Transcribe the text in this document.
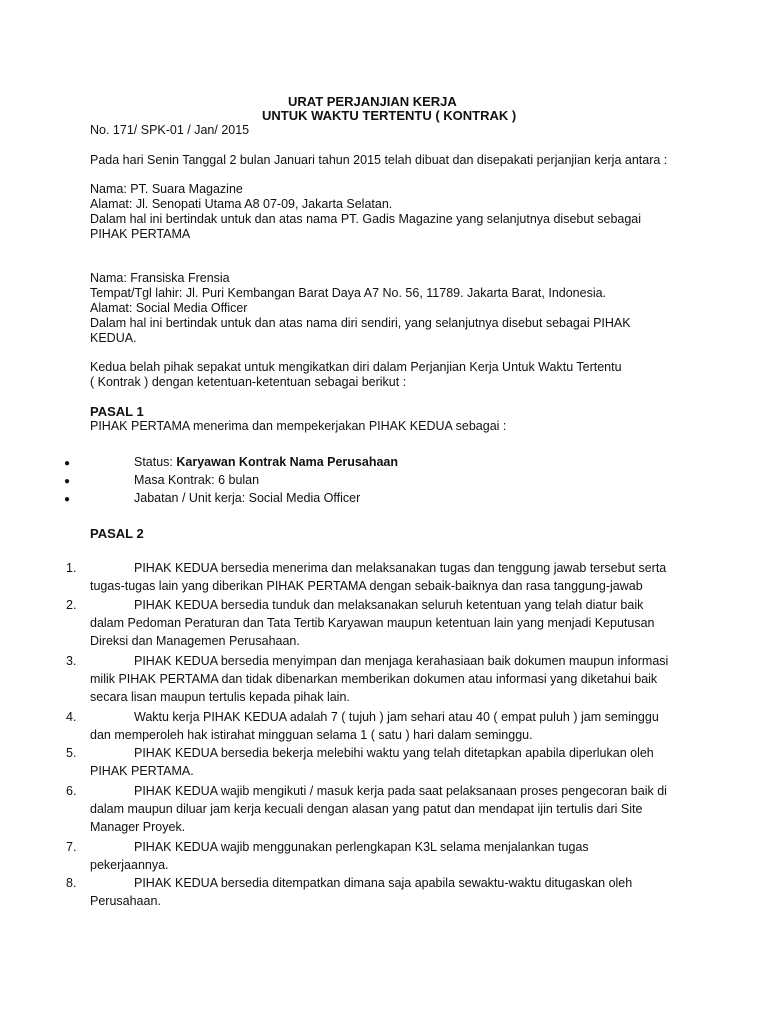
URAT PERJANJIAN KERJA
UNTUK WAKTU TERTENTU ( KONTRAK )
No. 171/ SPK-01 / Jan/ 2015
Pada hari Senin Tanggal 2 bulan Januari tahun 2015 telah dibuat dan disepakati perjanjian kerja antara :
Nama: PT. Suara Magazine
Alamat: Jl. Senopati Utama A8 07-09, Jakarta Selatan.
Dalam hal ini bertindak untuk dan atas nama PT. Gadis Magazine yang selanjutnya disebut sebagai
PIHAK PERTAMA
Nama: Fransiska Frensia
Tempat/Tgl lahir: Jl. Puri Kembangan Barat Daya A7 No. 56, 11789. Jakarta Barat, Indonesia.
Alamat: Social Media Officer
Dalam hal ini bertindak untuk dan atas nama diri sendiri, yang selanjutnya disebut sebagai PIHAK
KEDUA.
Kedua belah pihak sepakat untuk mengikatkan diri dalam Perjanjian Kerja Untuk Waktu Tertentu
( Kontrak ) dengan ketentuan-ketentuan sebagai berikut :
PASAL 1
PIHAK PERTAMA menerima dan mempekerjakan PIHAK KEDUA sebagai :
●	Status: Karyawan Kontrak Nama Perusahaan
●	Masa Kontrak: 6 bulan
●	Jabatan / Unit kerja: Social Media Officer
PASAL 2
1.	PIHAK KEDUA bersedia menerima dan melaksanakan tugas dan tenggung jawab tersebut serta
tugas-tugas lain yang diberikan PIHAK PERTAMA dengan sebaik-baiknya dan rasa tanggung-jawab
2.	PIHAK KEDUA bersedia tunduk dan melaksanakan seluruh ketentuan yang telah diatur baik
dalam Pedoman Peraturan dan Tata Tertib Karyawan maupun ketentuan lain yang menjadi Keputusan
Direksi dan Managemen Perusahaan.
3.	PIHAK KEDUA bersedia menyimpan dan menjaga kerahasiaan baik dokumen maupun informasi
milik PIHAK PERTAMA dan tidak dibenarkan memberikan dokumen atau informasi yang diketahui baik
secara lisan maupun tertulis kepada pihak lain.
4.	Waktu kerja PIHAK KEDUA adalah 7 ( tujuh ) jam sehari atau 40 ( empat puluh ) jam seminggu
dan memperoleh hak istirahat mingguan selama 1 ( satu ) hari dalam seminggu.
5.	PIHAK KEDUA bersedia bekerja melebihi waktu yang telah ditetapkan apabila diperlukan oleh
PIHAK PERTAMA.
6.	PIHAK KEDUA wajib mengikuti / masuk kerja pada saat pelaksanaan proses pengecoran baik di
dalam maupun diluar jam kerja kecuali dengan alasan yang patut dan mendapat ijin tertulis dari Site
Manager Proyek.
7.	PIHAK KEDUA wajib menggunakan perlengkapan K3L selama menjalankan tugas
pekerjaannya.
8.	PIHAK KEDUA bersedia ditempatkan dimana saja apabila sewaktu-waktu ditugaskan oleh
Perusahaan.
